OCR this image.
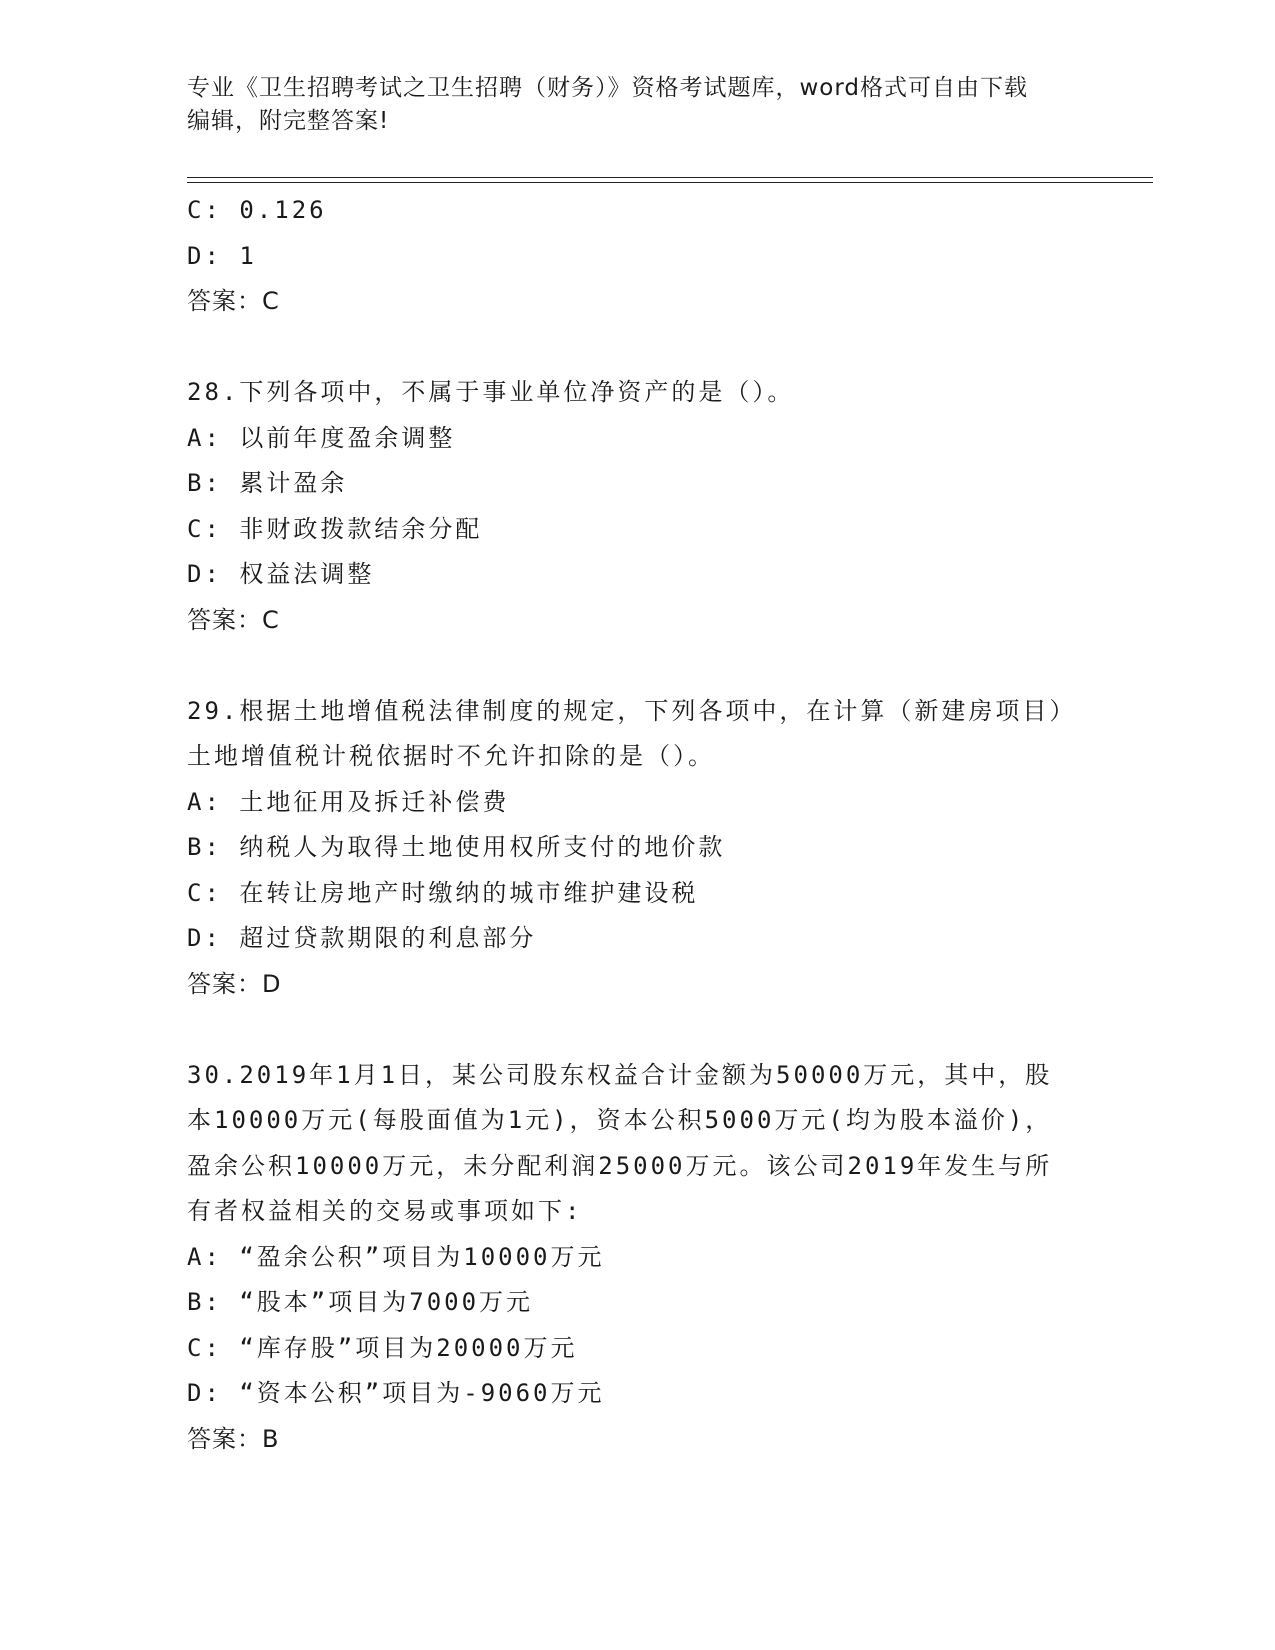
专业《卫生招聘考试之卫生招聘（财务）》资格考试题库，word格式可自由下载
编辑，附完整答案!
C: 0.126
D: 1
答案：C
28.下列各项中，不属于事业单位净资产的是（）。
A: 以前年度盈余调整
B: 累计盈余
C: 非财政拨款结余分配
D: 权益法调整
答案：C
29.根据土地增值税法律制度的规定，下列各项中，在计算（新建房项目）土地增值税计税依据时不允许扣除的是（）。
A: 土地征用及拆迁补偿费
B: 纳税人为取得土地使用权所支付的地价款
C: 在转让房地产时缴纳的城市维护建设税
D: 超过贷款期限的利息部分
答案：D
30.2019年1月1日，某公司股东权益合计金额为50000万元，其中，股本10000万元(每股面值为1元)，资本公积5000万元(均为股本溢价)，盈余公积10000万元，未分配利润25000万元。该公司2019年发生与所有者权益相关的交易或事项如下:
A: “盈余公积”项目为10000万元
B: “股本”项目为7000万元
C: “库存股”项目为20000万元
D: “资本公积”项目为-9060万元
答案：B
